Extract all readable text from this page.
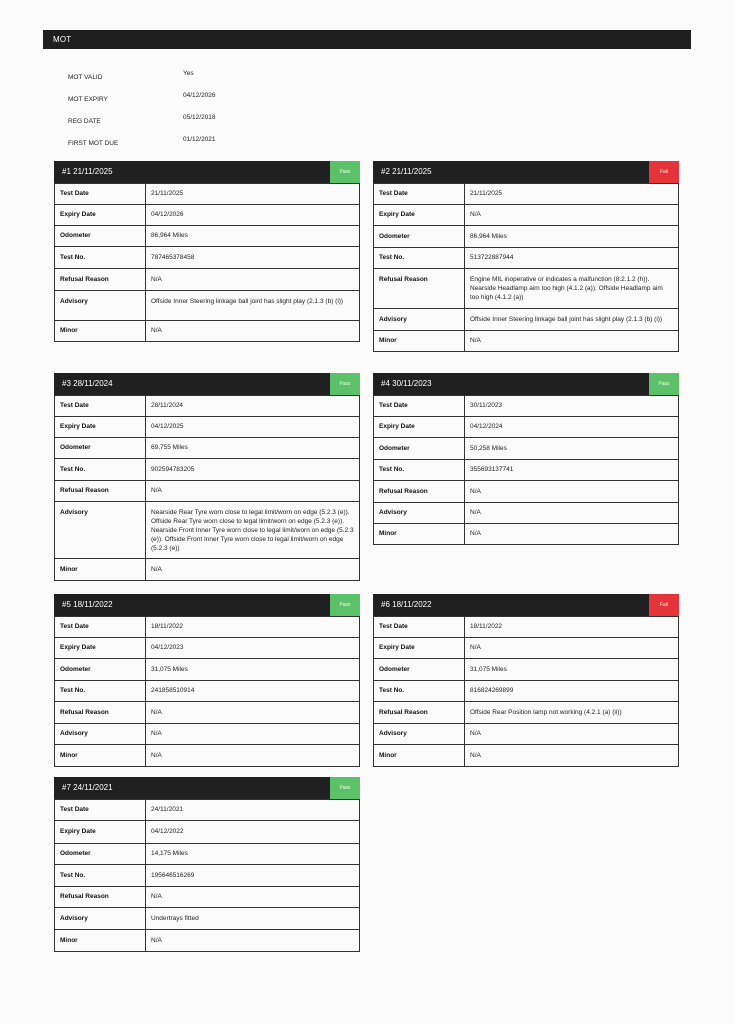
MOT
MOT VALID
Yes
MOT EXPIRY
04/12/2026
REG DATE
05/12/2018
FIRST MOT DUE
01/12/2021
#1 21/11/2025	Pass
Test Date	21/11/2025
Expiry Date	04/12/2026
Odometer	86,964 Miles
Test No.	787465378458
Refusal Reason	N/A
Advisory	Offside Inner Steering linkage ball joint has slight play (2.1.3 (b) (i))
Minor	N/A
#2 21/11/2025	Fail
Test Date	21/11/2025
Expiry Date	N/A
Odometer	86,964 Miles
Test No.	513722887944
Refusal Reason	Engine MIL inoperative or indicates a malfunction (8.2.1.2 (h)). Nearside Headlamp aim too high (4.1.2 (a)). Offside Headlamp aim too high (4.1.2 (a))
Advisory	Offside Inner Steering linkage ball joint has slight play (2.1.3 (b) (i))
Minor	N/A
#3 28/11/2024	Pass
Test Date	28/11/2024
Expiry Date	04/12/2025
Odometer	69,755 Miles
Test No.	902594783205
Refusal Reason	N/A
Advisory	Nearside Rear Tyre worn close to legal limit/worn on edge (5.2.3 (e)). Offside Rear Tyre worn close to legal limit/worn on edge (5.2.3 (e)). Nearside Front Inner Tyre worn close to legal limit/worn on edge (5.2.3 (e)). Offside Front Inner Tyre worn close to legal limit/worn on edge (5.2.3 (e))
Minor	N/A
#4 30/11/2023	Pass
Test Date	30/11/2023
Expiry Date	04/12/2024
Odometer	50,258 Miles
Test No.	355693137741
Refusal Reason	N/A
Advisory	N/A
Minor	N/A
#5 18/11/2022	Pass
Test Date	18/11/2022
Expiry Date	04/12/2023
Odometer	31,075 Miles
Test No.	241858510914
Refusal Reason	N/A
Advisory	N/A
Minor	N/A
#6 18/11/2022	Fail
Test Date	18/11/2022
Expiry Date	N/A
Odometer	31,075 Miles
Test No.	816824269899
Refusal Reason	Offside Rear Position lamp not working (4.2.1 (a) (ii))
Advisory	N/A
Minor	N/A
#7 24/11/2021	Pass
Test Date	24/11/2021
Expiry Date	04/12/2022
Odometer	14,175 Miles
Test No.	195646516269
Refusal Reason	N/A
Advisory	Undertrays fitted
Minor	N/A
